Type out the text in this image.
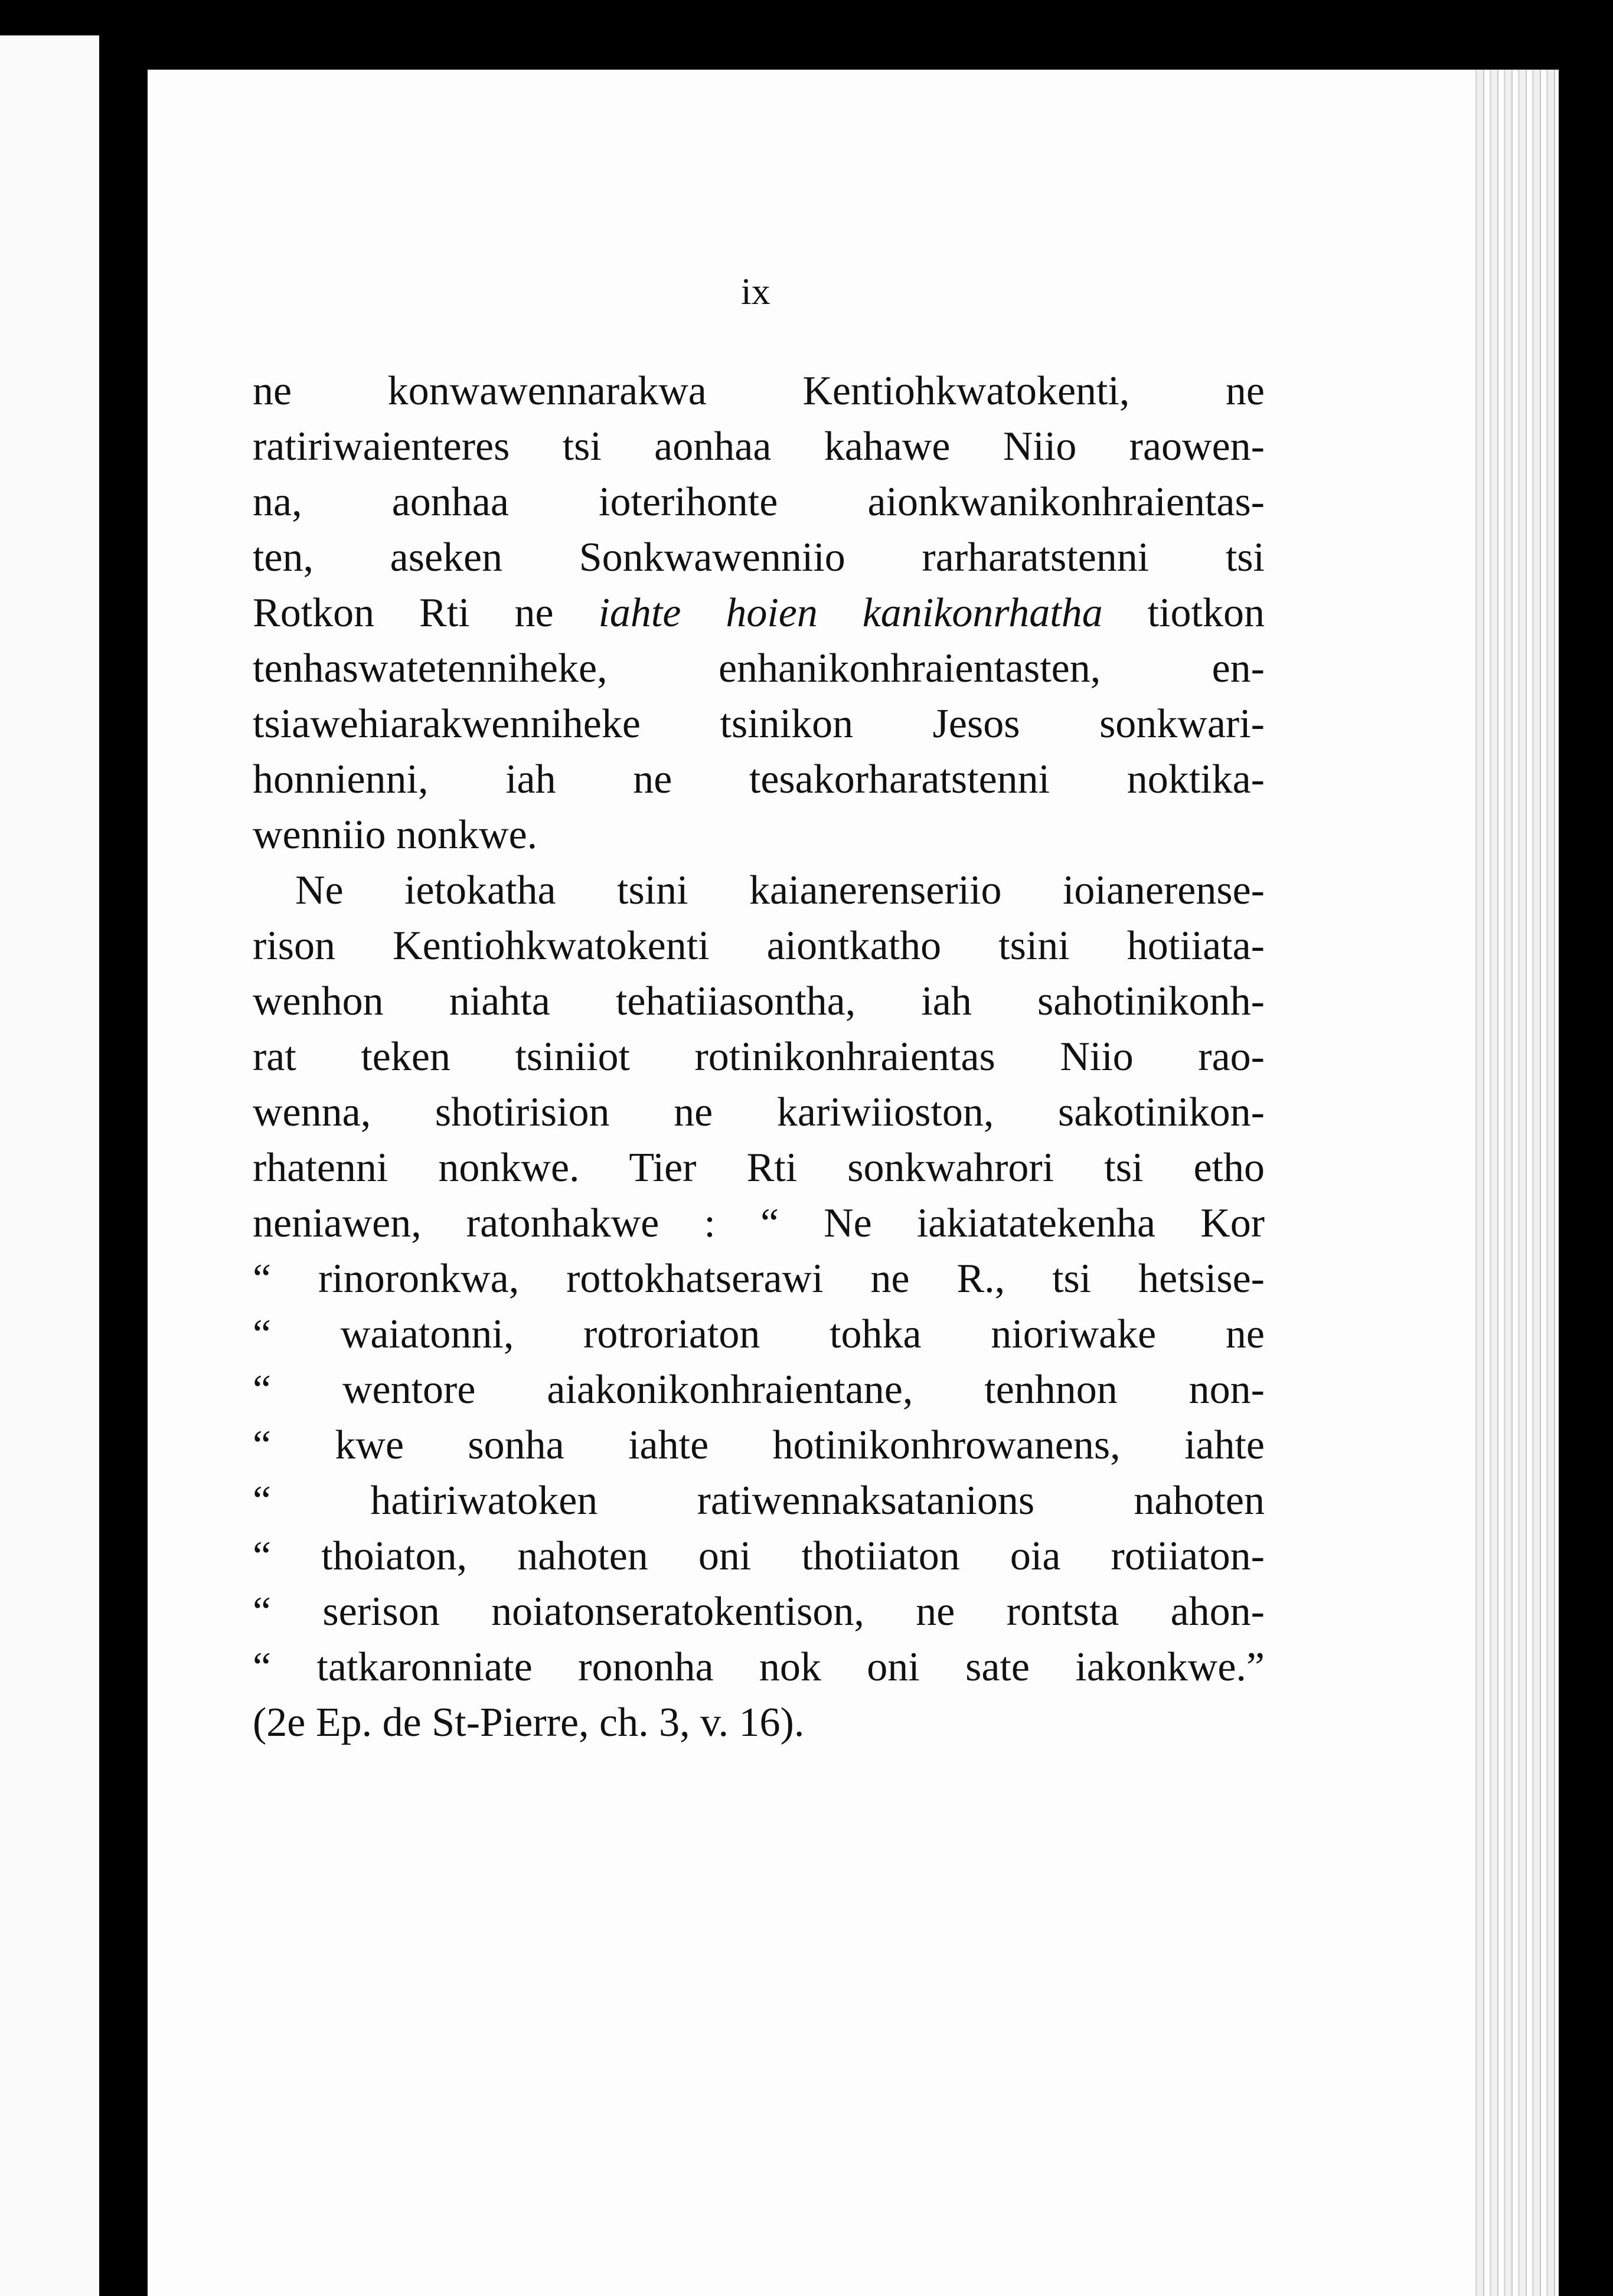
ix
ne konwawennarakwa Kentiohkwatokenti, ne
ratiriwaienteres tsi aonhaa kahawe Niio raowen-
na, aonhaa ioterihonte aionkwanikonhraientas-
ten, aseken Sonkwawenniio rarharatstenni tsi
Rotkon Rti ne iahte hoien kanikonrhatha tiotkon
tenhaswatetenniheke, enhanikonhraientasten, en-
tsiawehiarakwenniheke tsinikon Jesos sonkwari-
honnienni, iah ne tesakorharatstenni noktika-
wenniio nonkwe.
Ne ietokatha tsini kaianerenseriio ioianerense-
rison Kentiohkwatokenti aiontkatho tsini hotiiata-
wenhon niahta tehatiiasontha, iah sahotinikonh-
rat teken tsiniiot rotinikonhraientas Niio rao-
wenna, shotirision ne kariwiioston, sakotinikon-
rhatenni nonkwe. Tier Rti sonkwahrori tsi etho
neniawen, ratonhakwe : “ Ne iakiatatekenha Kor
“ rinoronkwa, rottokhatserawi ne R., tsi hetsise-
“ waiatonni, rotroriaton tohka nioriwake ne
“ wentore aiakonikonhraientane, tenhnon non-
“ kwe sonha iahte hotinikonhrowanens, iahte
“ hatiriwatoken ratiwennaksatanions nahoten
“ thoiaton, nahoten oni thotiiaton oia rotiiaton-
“ serison noiatonseratokentison, ne rontsta ahon-
“ tatkaronniate rononha nok oni sate iakonkwe.”
(2e Ep. de St-Pierre, ch. 3, v. 16).
